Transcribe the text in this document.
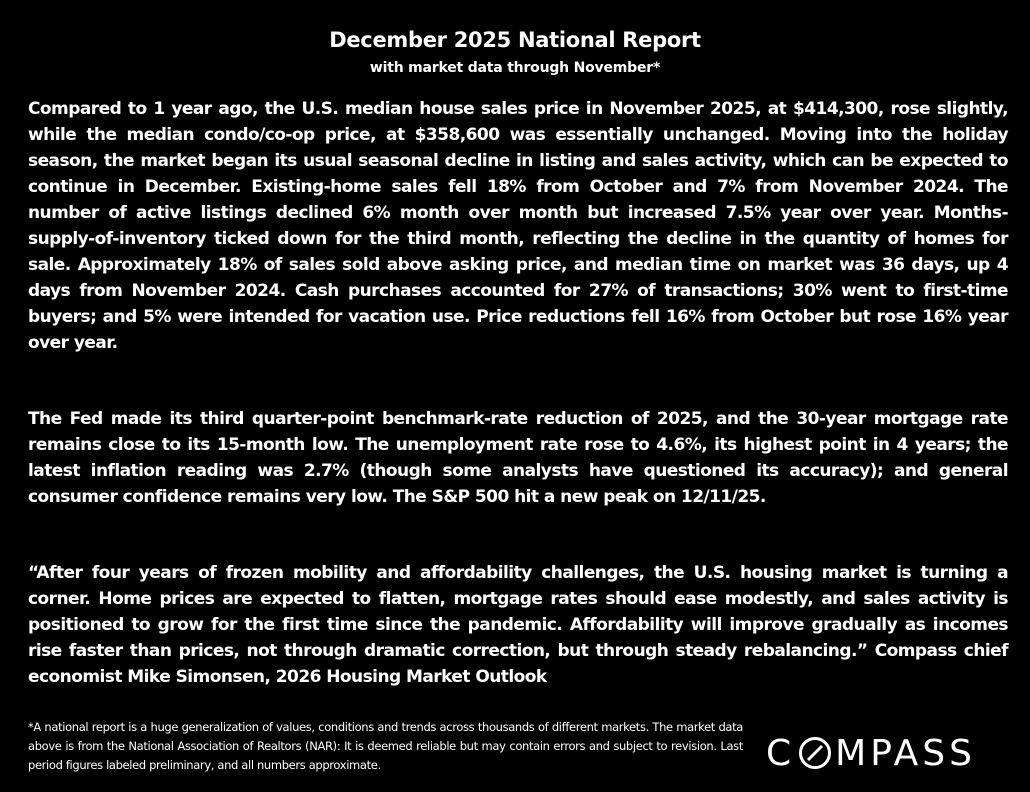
December 2025 National Report
with market data through November*

Compared to 1 year ago, the U.S. median house sales price in November 2025, at $414,300, rose slightly, while the median condo/co-op price, at $358,600 was essentially unchanged. Moving into the holiday season, the market began its usual seasonal decline in listing and sales activity, which can be expected to continue in December. Existing-home sales fell 18% from October and 7% from November 2024. The number of active listings declined 6% month over month but increased 7.5% year over year. Months-supply-of-inventory ticked down for the third month, reflecting the decline in the quantity of homes for sale. Approximately 18% of sales sold above asking price, and median time on market was 36 days, up 4 days from November 2024. Cash purchases accounted for 27% of transactions; 30% went to first-time buyers; and 5% were intended for vacation use. Price reductions fell 16% from October but rose 16% year over year.

The Fed made its third quarter-point benchmark-rate reduction of 2025, and the 30-year mortgage rate remains close to its 15-month low. The unemployment rate rose to 4.6%, its highest point in 4 years; the latest inflation reading was 2.7% (though some analysts have questioned its accuracy); and general consumer confidence remains very low. The S&P 500 hit a new peak on 12/11/25.

“After four years of frozen mobility and affordability challenges, the U.S. housing market is turning a corner. Home prices are expected to flatten, mortgage rates should ease modestly, and sales activity is positioned to grow for the first time since the pandemic. Affordability will improve gradually as incomes rise faster than prices, not through dramatic correction, but through steady rebalancing.” Compass chief economist Mike Simonsen, 2026 Housing Market Outlook

*A national report is a huge generalization of values, conditions and trends across thousands of different markets. The market data above is from the National Association of Realtors (NAR): It is deemed reliable but may contain errors and subject to revision. Last period figures labeled preliminary, and all numbers approximate.	C MPASS
